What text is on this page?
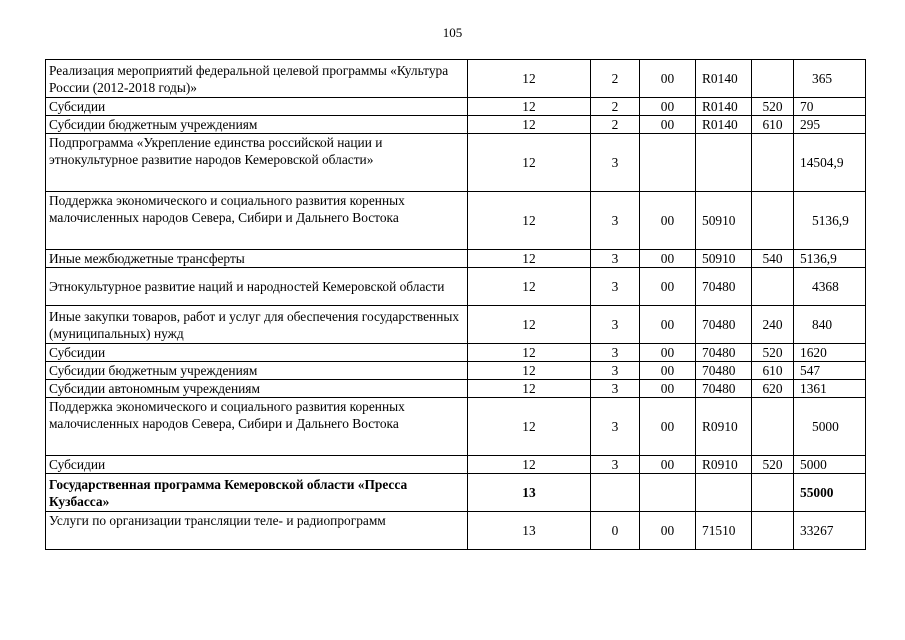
105
Реализация мероприятий федеральной целевой программы «Культура России (2012-2018 годы)»	12	2	00	R0140		365
Субсидии	12	2	00	R0140	520	70
Субсидии бюджетным учреждениям	12	2	00	R0140	610	295
Подпрограмма «Укрепление единства российской нации и этнокультурное развитие народов Кемеровской области»	12	3				14504,9
Поддержка экономического и социального развития коренных малочисленных народов Севера, Сибири и Дальнего Востока	12	3	00	50910		5136,9
Иные межбюджетные трансферты	12	3	00	50910	540	5136,9
Этнокультурное развитие наций и народностей Кемеровской области	12	3	00	70480		4368
Иные закупки товаров, работ и услуг для обеспечения государственных (муниципальных) нужд	12	3	00	70480	240	840
Субсидии	12	3	00	70480	520	1620
Субсидии бюджетным учреждениям	12	3	00	70480	610	547
Субсидии автономным учреждениям	12	3	00	70480	620	1361
Поддержка экономического и социального развития коренных малочисленных народов Севера, Сибири и Дальнего Востока	12	3	00	R0910		5000
Субсидии	12	3	00	R0910	520	5000
Государственная программа Кемеровской области «Пресса Кузбасса»	13					55000
Услуги по организации трансляции теле- и радиопрограмм	13	0	00	71510		33267
